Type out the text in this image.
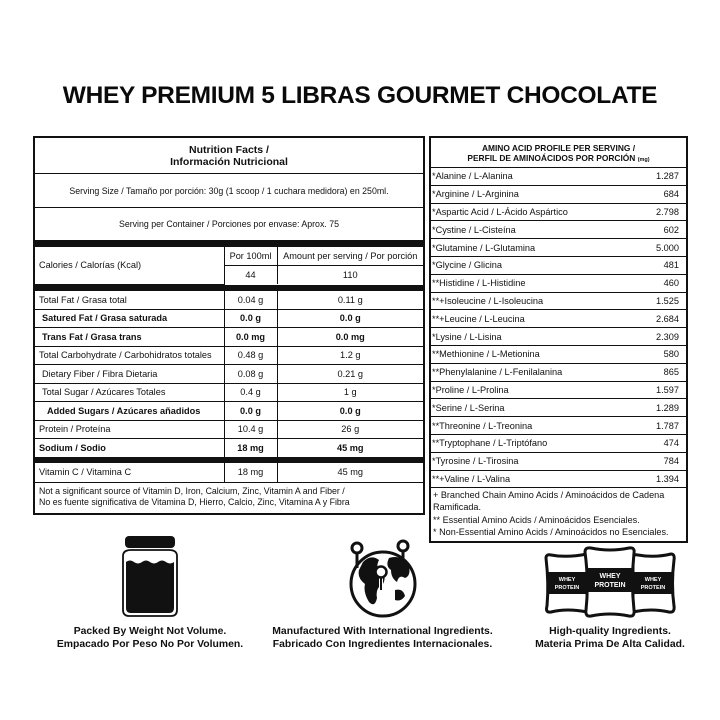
WHEY PREMIUM 5 LIBRAS GOURMET CHOCOLATE
Nutrition Facts /
Información Nutricional
Serving Size / Tamaño por porción: 30g (1 scoop / 1 cuchara medidora) en 250ml.
Serving per Container / Porciones por envase: Aprox. 75
Calories / Calorías (Kcal)	Por 100ml	Amount per serving / Por porción
	44	110
Total Fat / Grasa total	0.04 g	0.11 g
Satured Fat / Grasa saturada	0.0 g	0.0 g
Trans Fat / Grasa trans	0.0 mg	0.0 mg
Total Carbohydrate / Carbohidratos totales	0.48 g	1.2 g
Dietary Fiber / Fibra Dietaria	0.08 g	0.21 g
Total Sugar / Azúcares Totales	0.4 g	1 g
Added Sugars / Azúcares añadidos	0.0 g	0.0 g
Protein / Proteína	10.4 g	26 g
Sodium / Sodio	18 mg	45 mg
Vitamin C / Vitamina C	18 mg	45 mg
Not a significant source of Vitamin D, Iron, Calcium, Zinc, Vitamin A and Fiber /
No es fuente significativa de Vitamina D, Hierro, Calcio, Zinc, Vitamina A y Fibra
AMINO ACID PROFILE PER SERVING /
PERFIL DE AMINOÁCIDOS POR PORCIÓN (mg)
*Alanine / L-Alanina	1.287
*Arginine / L-Arginina	684
*Aspartic Acid / L-Ácido Aspártico	2.798
*Cystine / L-Cisteína	602
*Glutamine / L-Glutamina	5.000
*Glycine / Glicina	481
**Histidine / L-Histidine	460
**+Isoleucine / L-Isoleucina	1.525
**+Leucine / L-Leucina	2.684
*Lysine / L-Lisina	2.309
**Methionine / L-Metionina	580
**Phenylalanine / L-Fenilalanina	865
*Proline / L-Prolina	1.597
*Serine / L-Serina	1.289
**Threonine / L-Treonina	1.787
**Tryptophane / L-Triptófano	474
*Tyrosine / L-Tirosina	784
**+Valine / L-Valina	1.394

+ Branched Chain Amino Acids / Aminoácidos de Cadena Ramificada.

** Essential Amino Acids / Aminoácidos Esenciales.

* Non-Essential Amino Acids / Aminoácidos no Esenciales.

Packed By Weight Not Volume.
Empacado Por Peso No Por Volumen.
Manufactured With International Ingredients.
Fabricado Con Ingredientes Internacionales.
WHEY
PROTEIN
WHEY
PROTEIN
WHEY
PROTEIN
High-quality Ingredients.
Materia Prima De Alta Calidad.
